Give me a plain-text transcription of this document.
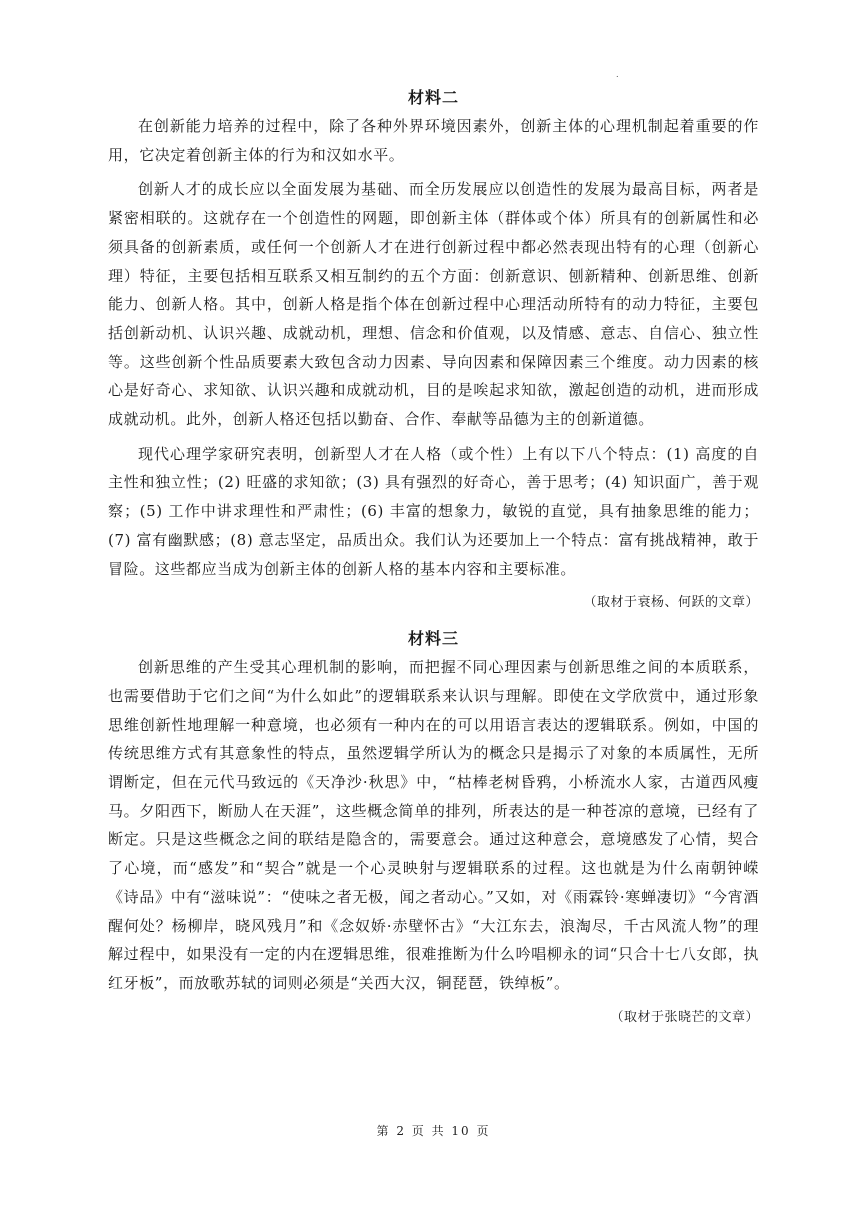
.
材料二

在创新能力培养的过程中，除了各种外界环境因素外，创新主体的心理机制起着重要的作用，它决定着创新主体的行为和汉如水平。

创新人才的成长应以全面发展为基础、而全历发展应以创造性的发展为最高目标，两者是紧密相联的。这就存在一个创造性的网题，即创新主体（群体或个体）所具有的创新属性和必须具备的创新素质，或任何一个创新人才在进行创新过程中都必然表现出特有的心理（创新心理）特征，主要包括相互联系又相互制约的五个方面：创新意识、刨新精种、创新思维、创新能力、创新人格。其中，创新人格是指个体在创新过程中心理活动所特有的动力特征，主要包括创新动机、认识兴趣、成就动机，理想、信念和价值观，以及情感、意志、自信心、独立性等。这些创新个性品质要素大致包含动力因素、导向因素和保障因素三个维度。动力因素的核心是好奇心、求知欲、认识兴趣和成就动机，目的是唉起求知欲，激起创造的动机，进而形成成就动机。此外，创新人格还包括以勤奋、合作、奉献等品德为主的创新道德。

现代心理学家研究表明，创新型人才在人格（或个性）上有以下八个特点：(1) 高度的自主性和独立性；(2) 旺盛的求知欲；(3) 具有强烈的好奇心，善于思考；(4) 知识面广，善于观察；(5) 工作中讲求理性和严肃性；(6) 丰富的想象力，敏锐的直觉，具有抽象思维的能力；(7) 富有幽默感；(8) 意志坚定，品质出众。我们认为还要加上一个特点：富有挑战精神，敢于冒险。这些都应当成为创新主体的创新人格的基本内容和主要标准。

（取材于衰杨、何跃的文章）

材料三

创新思维的产生受其心理机制的影响，而把握不同心理因素与创新思维之间的本质联系，也需要借助于它们之间“为什么如此”的逻辑联系来认识与理解。即使在文学欣赏中，通过形象思维创新性地理解一种意境，也必须有一种内在的可以用语言表达的逻辑联系。例如，中国的传统思维方式有其意象性的特点，虽然逻辑学所认为的概念只是揭示了对象的本质属性，无所谓断定，但在元代马致远的《天净沙·秋思》中，“枯棒老树昏鸦，小桥流水人家，古道西风瘦马。夕阳西下，断励人在天涯”，这些概念简单的排列，所表达的是一种苍凉的意境，已经有了断定。只是这些概念之间的联结是隐含的，需要意会。通过这种意会，意境感发了心情，契合了心境，而“感发”和“契合”就是一个心灵映射与逻辑联系的过程。这也就是为什么南朝钟嵘《诗品》中有“滋味说”：“使味之者无极，闻之者动心。”又如，对《雨霖铃·寒蝉凄切》“今宵酒醒何处？杨柳岸，晓风残月”和《念奴娇·赤壁怀古》“大江东去，浪淘尽，千古风流人物”的理解过程中，如果没有一定的内在逻辑思维，很难推断为什么吟唱柳永的词“只合十七八女郎，执红牙板”，而放歌苏轼的词则必须是“关西大汉，铜琵琶，铁绰板”。

（取材于张晓芒的文章）

第 2 页 共 10 页
